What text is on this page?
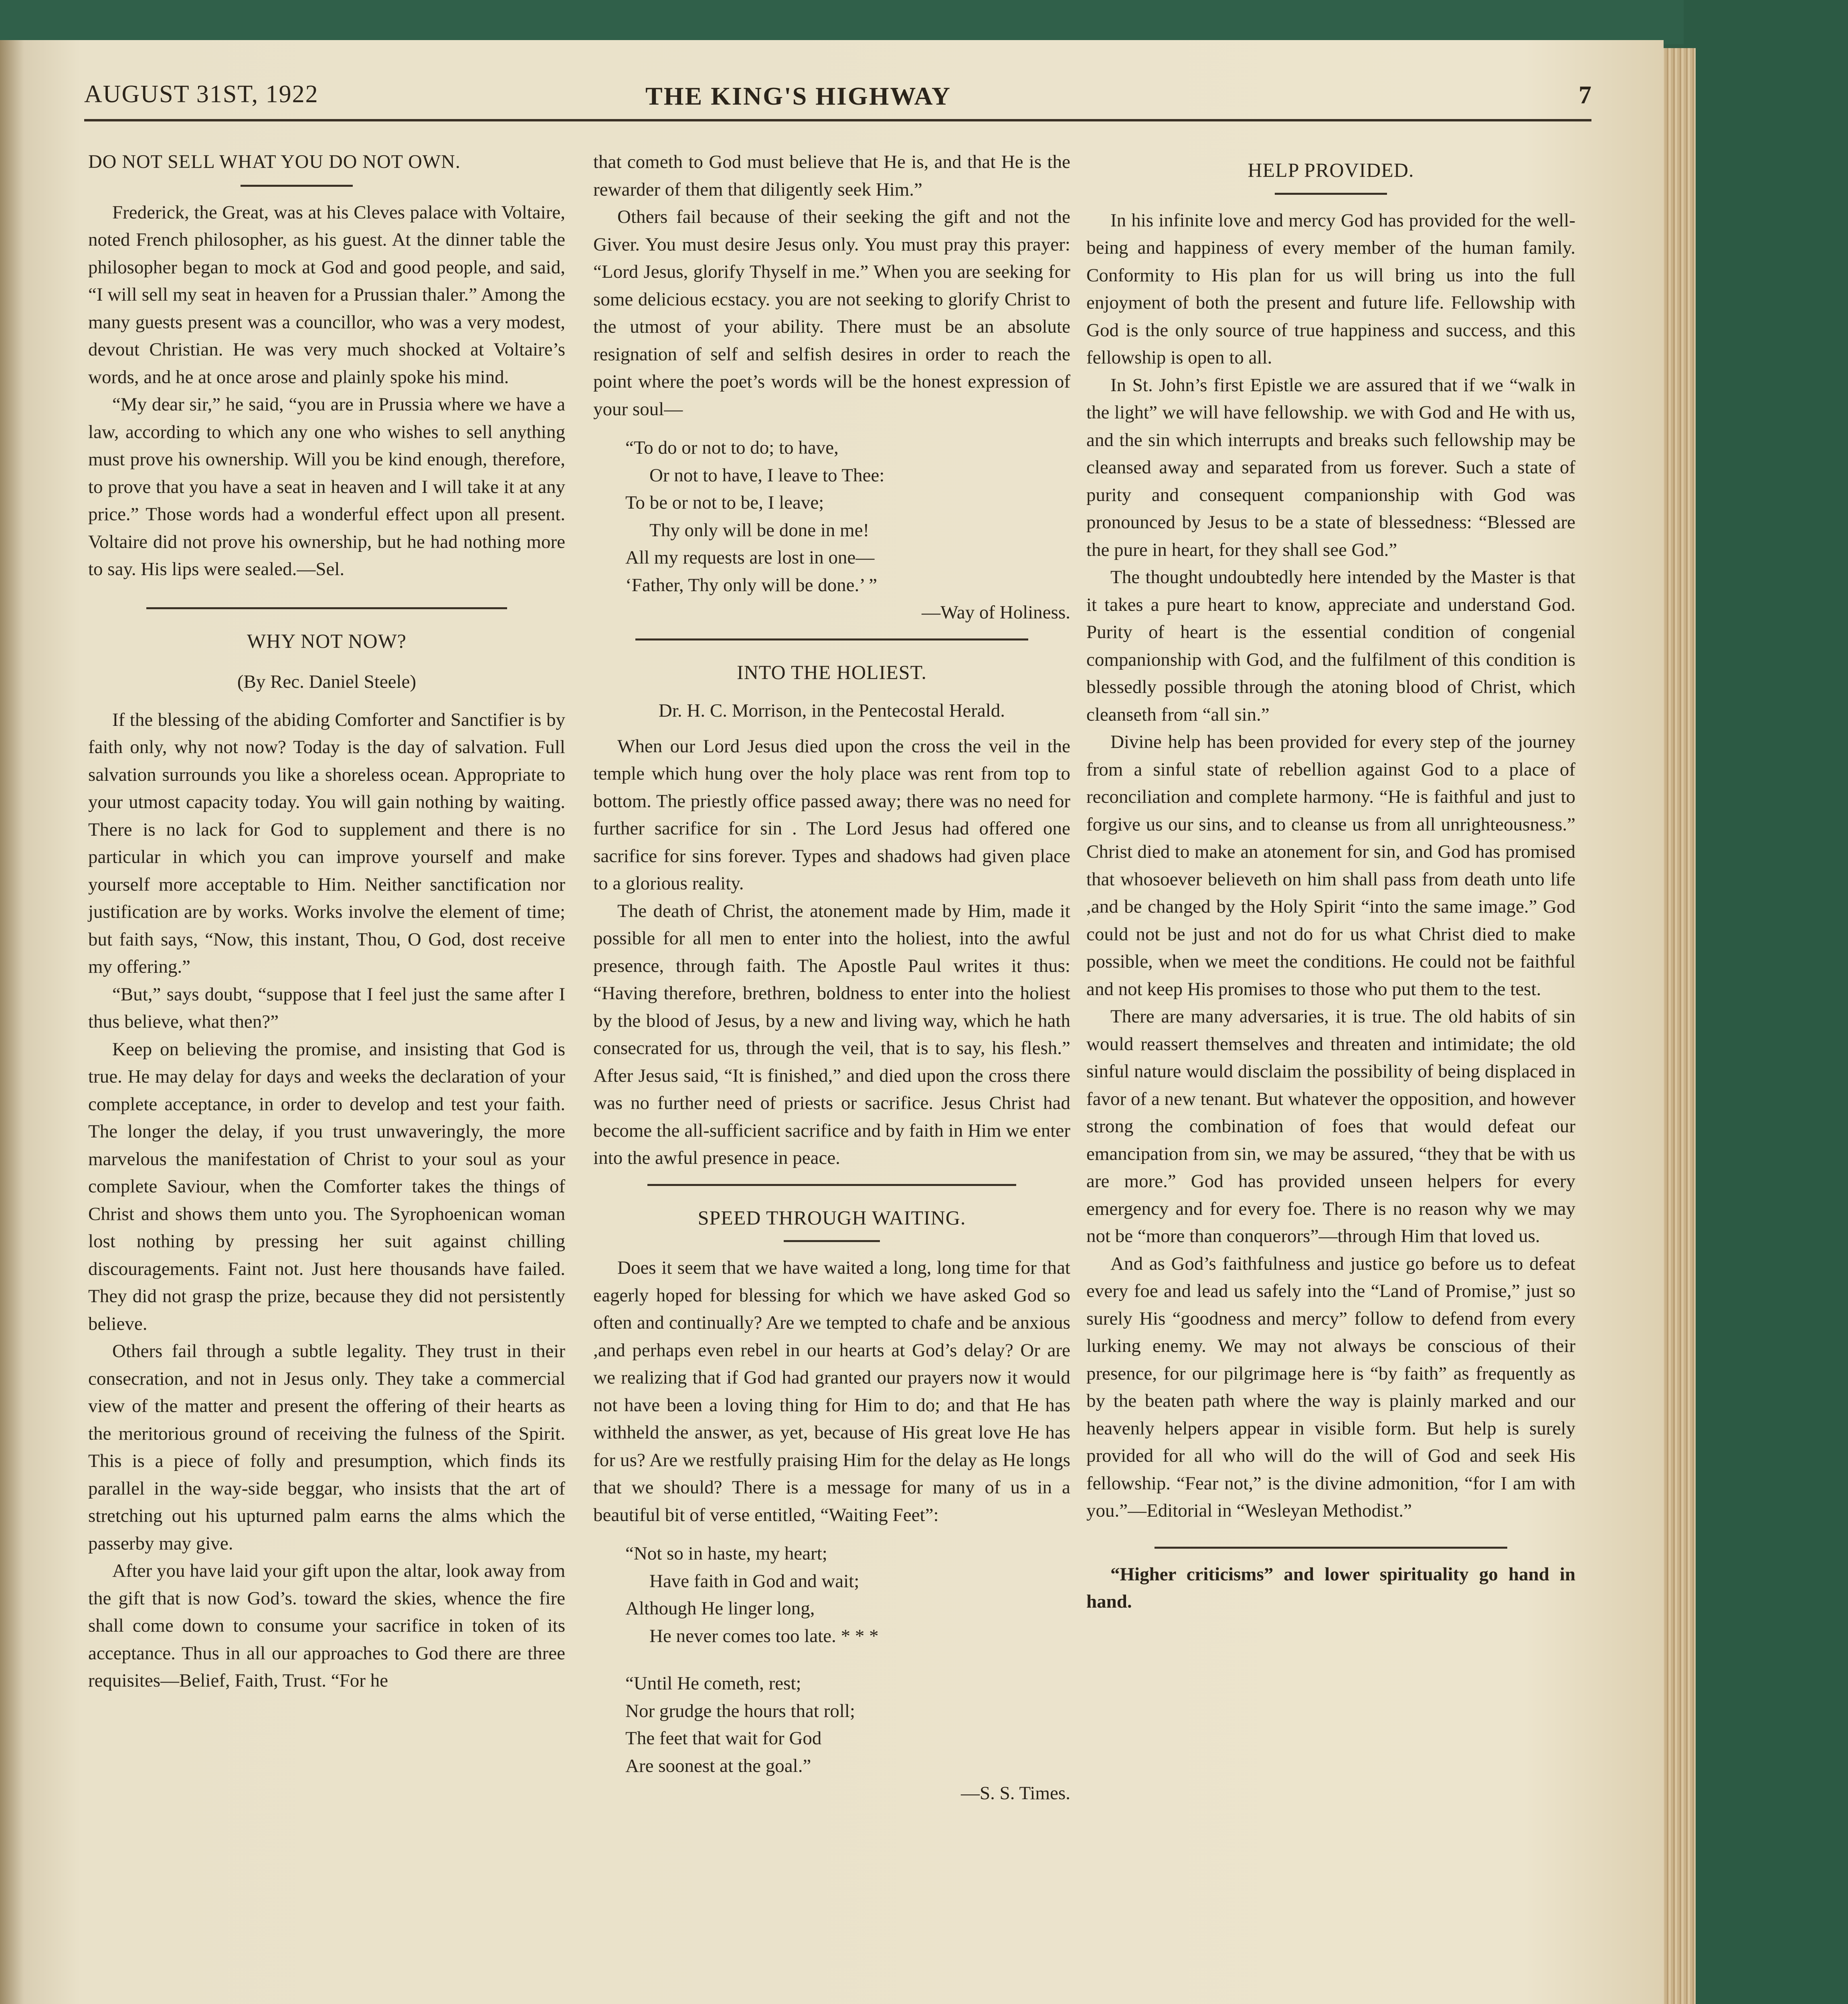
AUGUST 31ST, 1922	THE KING'S HIGHWAY	7
DO NOT SELL WHAT YOU DO NOT OWN.

Frederick, the Great, was at his Cleves palace with Voltaire, noted French philosopher, as his guest. At the dinner table the philosopher began to mock at God and good people, and said, “I will sell my seat in heaven for a Prussian thaler.” Among the many guests present was a councillor, who was a very modest, devout Christian. He was very much shocked at Voltaire’s words, and he at once arose and plainly spoke his mind.

“My dear sir,” he said, “you are in Prussia where we have a law, according to which any one who wishes to sell anything must prove his ownership. Will you be kind enough, therefore, to prove that you have a seat in heaven and I will take it at any price.” Those words had a wonderful effect upon all present. Voltaire did not prove his ownership, but he had nothing more to say. His lips were sealed.—Sel.

WHY NOT NOW?

(By Rec. Daniel Steele)

If the blessing of the abiding Comforter and Sanctifier is by faith only, why not now? Today is the day of salvation. Full salvation surrounds you like a shoreless ocean. Appropriate to your utmost capacity today. You will gain nothing by waiting. There is no lack for God to supplement and there is no particular in which you can improve yourself and make yourself more acceptable to Him. Neither sanctification nor justification are by works. Works involve the element of time; but faith says, “Now, this instant, Thou, O God, dost receive my offering.”

“But,” says doubt, “suppose that I feel just the same after I thus believe, what then?”

Keep on believing the promise, and insisting that God is true. He may delay for days and weeks the declaration of your complete acceptance, in order to develop and test your faith. The longer the delay, if you trust unwaveringly, the more marvelous the manifestation of Christ to your soul as your complete Saviour, when the Comforter takes the things of Christ and shows them unto you. The Syrophoenican woman lost nothing by pressing her suit against chilling discouragements. Faint not. Just here thousands have failed. They did not grasp the prize, because they did not persistently believe.

Others fail through a subtle legality. They trust in their consecration, and not in Jesus only. They take a commercial view of the matter and present the offering of their hearts as the meritorious ground of receiving the fulness of the Spirit. This is a piece of folly and presumption, which finds its parallel in the way-side beggar, who insists that the art of stretching out his upturned palm earns the alms which the passerby may give.

After you have laid your gift upon the altar, look away from the gift that is now God’s. toward the skies, whence the fire shall come down to consume your sacrifice in token of its acceptance. Thus in all our approaches to God there are three requisites—Belief, Faith, Trust. “For he

that cometh to God must believe that He is, and that He is the rewarder of them that diligently seek Him.”

Others fail because of their seeking the gift and not the Giver. You must desire Jesus only. You must pray this prayer: “Lord Jesus, glorify Thyself in me.” When you are seeking for some delicious ecstacy. you are not seeking to glorify Christ to the utmost of your ability. There must be an absolute resignation of self and selfish desires in order to reach the point where the poet’s words will be the honest expression of your soul—

“To do or not to do; to have,
Or not to have, I leave to Thee:
To be or not to be, I leave;
Thy only will be done in me!
All my requests are lost in one—
‘Father, Thy only will be done.’ ”

—Way of Holiness.

INTO THE HOLIEST.

Dr. H. C. Morrison, in the Pentecostal Herald.

When our Lord Jesus died upon the cross the veil in the temple which hung over the holy place was rent from top to bottom. The priestly office passed away; there was no need for further sacrifice for sin . The Lord Jesus had offered one sacrifice for sins forever. Types and shadows had given place to a glorious reality.

The death of Christ, the atonement made by Him, made it possible for all men to enter into the holiest, into the awful presence, through faith. The Apostle Paul writes it thus: “Having therefore, brethren, boldness to enter into the holiest by the blood of Jesus, by a new and living way, which he hath consecrated for us, through the veil, that is to say, his flesh.” After Jesus said, “It is finished,” and died upon the cross there was no further need of priests or sacrifice. Jesus Christ had become the all-sufficient sacrifice and by faith in Him we enter into the awful presence in peace.

SPEED THROUGH WAITING.

Does it seem that we have waited a long, long time for that eagerly hoped for blessing for which we have asked God so often and continually? Are we tempted to chafe and be anxious ,and perhaps even rebel in our hearts at God’s delay? Or are we realizing that if God had granted our prayers now it would not have been a loving thing for Him to do; and that He has withheld the answer, as yet, because of His great love He has for us? Are we restfully praising Him for the delay as He longs that we should? There is a message for many of us in a beautiful bit of verse entitled, “Waiting Feet”:

“Not so in haste, my heart;
Have faith in God and wait;
Although He linger long,
He never comes too late. * * *
“Until He cometh, rest;
Nor grudge the hours that roll;
The feet that wait for God
Are soonest at the goal.”

—S. S. Times.

HELP PROVIDED.

In his infinite love and mercy God has provided for the well-being and happiness of every member of the human family. Conformity to His plan for us will bring us into the full enjoyment of both the present and future life. Fellowship with God is the only source of true happiness and success, and this fellowship is open to all.

In St. John’s first Epistle we are assured that if we “walk in the light” we will have fellowship. we with God and He with us, and the sin which interrupts and breaks such fellowship may be cleansed away and separated from us forever. Such a state of purity and consequent companionship with God was pronounced by Jesus to be a state of blessedness: “Blessed are the pure in heart, for they shall see God.”

The thought undoubtedly here intended by the Master is that it takes a pure heart to know, appreciate and understand God. Purity of heart is the essential condition of congenial companionship with God, and the fulfilment of this condition is blessedly possible through the atoning blood of Christ, which cleanseth from “all sin.”

Divine help has been provided for every step of the journey from a sinful state of rebellion against God to a place of reconciliation and complete harmony. “He is faithful and just to forgive us our sins, and to cleanse us from all unrighteousness.” Christ died to make an atonement for sin, and God has promised that whosoever believeth on him shall pass from death unto life ,and be changed by the Holy Spirit “into the same image.” God could not be just and not do for us what Christ died to make possible, when we meet the conditions. He could not be faithful and not keep His promises to those who put them to the test.

There are many adversaries, it is true. The old habits of sin would reassert themselves and threaten and intimidate; the old sinful nature would disclaim the possibility of being displaced in favor of a new tenant. But whatever the opposition, and however strong the combination of foes that would defeat our emancipation from sin, we may be assured, “they that be with us are more.” God has provided unseen helpers for every emergency and for every foe. There is no reason why we may not be “more than conquerors”—through Him that loved us.

And as God’s faithfulness and justice go before us to defeat every foe and lead us safely into the “Land of Promise,” just so surely His “goodness and mercy” follow to defend from every lurking enemy. We may not always be conscious of their presence, for our pilgrimage here is “by faith” as frequently as by the beaten path where the way is plainly marked and our heavenly helpers appear in visible form. But help is surely provided for all who will do the will of God and seek His fellowship. “Fear not,” is the divine admonition, “for I am with you.”—Editorial in “Wesleyan Methodist.”

“Higher criticisms” and lower spirituality go hand in hand.
